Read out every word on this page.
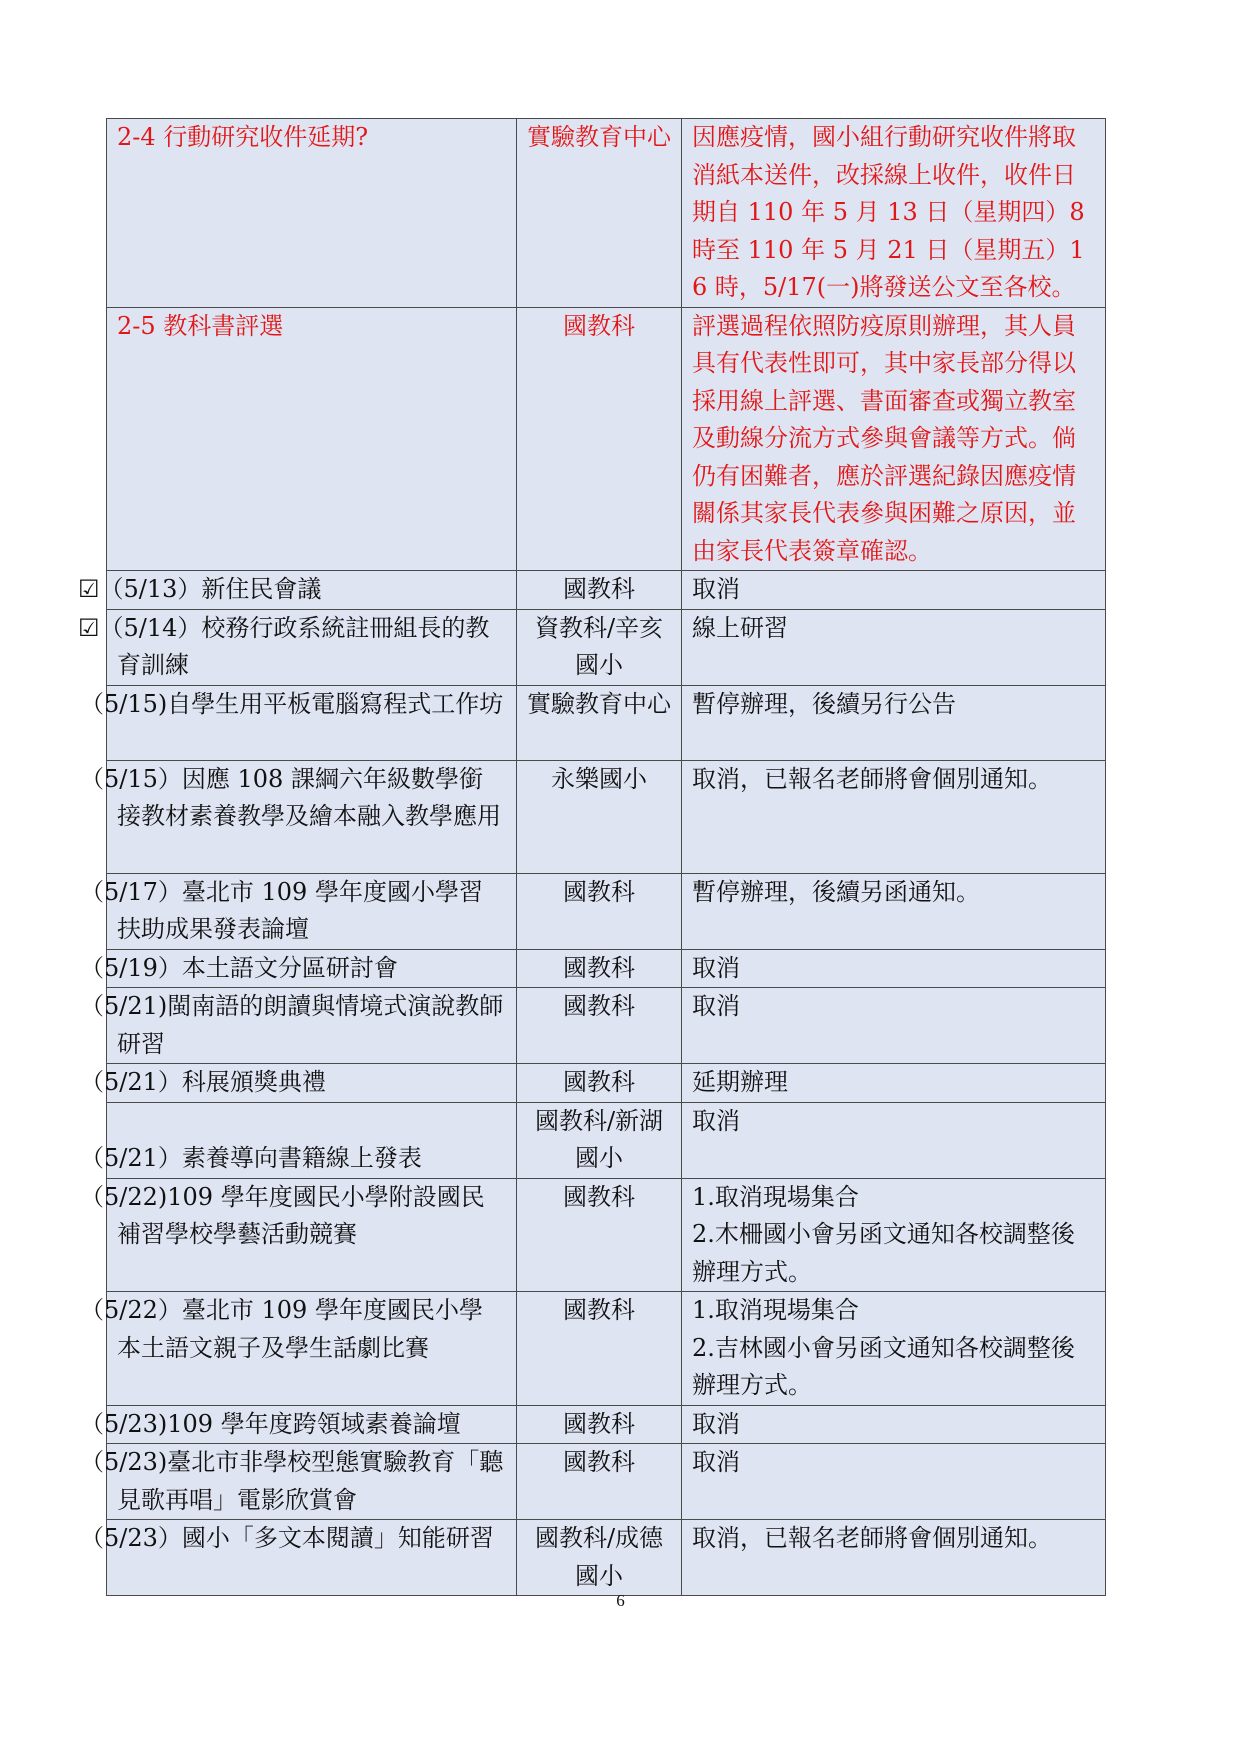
2-4 行動研究收件延期?	實驗教育中心	因應疫情，國小組行動研究收件將取消紙本送件，改採線上收件，收件日期自 110 年 5 月 13 日（星期四）8 時至 110 年 5 月 21 日（星期五）16 時，5/17(一)將發送公文至各校。
2-5 教科書評選	國教科	評選過程依照防疫原則辦理，其人員具有代表性即可，其中家長部分得以採用線上評選、書面審查或獨立教室及動線分流方式參與會議等方式。倘仍有困難者，應於評選紀錄因應疫情關係其家長代表參與困難之原因，並由家長代表簽章確認。
☑（5/13）新住民會議	國教科	取消
☑（5/14）校務行政系統註冊組長的教育訓練	資教科/辛亥國小	線上研習
（5/15)自學生用平板電腦寫程式工作坊	實驗教育中心	暫停辦理，後續另行公告
（5/15）因應 108 課綱六年級數學銜接教材素養教學及繪本融入教學應用	永樂國小	取消，已報名老師將會個別通知。
（5/17）臺北市 109 學年度國小學習扶助成果發表論壇	國教科	暫停辦理，後續另函通知。
（5/19）本土語文分區研討會	國教科	取消
（5/21)閩南語的朗讀與情境式演說教師研習	國教科	取消
（5/21）科展頒獎典禮	國教科	延期辦理

（5/21）素養導向書籍線上發表	國教科/新湖國小	取消
（5/22)109 學年度國民小學附設國民補習學校學藝活動競賽	國教科	1.取消現場集合
2.木柵國小會另函文通知各校調整後辦理方式。

（5/22）臺北市 109 學年度國民小學本土語文親子及學生話劇比賽	國教科	1.取消現場集合
2.吉林國小會另函文通知各校調整後辦理方式。

（5/23)109 學年度跨領域素養論壇	國教科	取消
（5/23)臺北市非學校型態實驗教育「聽見歌再唱」電影欣賞會	國教科	取消
（5/23）國小「多文本閱讀」知能研習	國教科/成德國小	取消，已報名老師將會個別通知。
6
